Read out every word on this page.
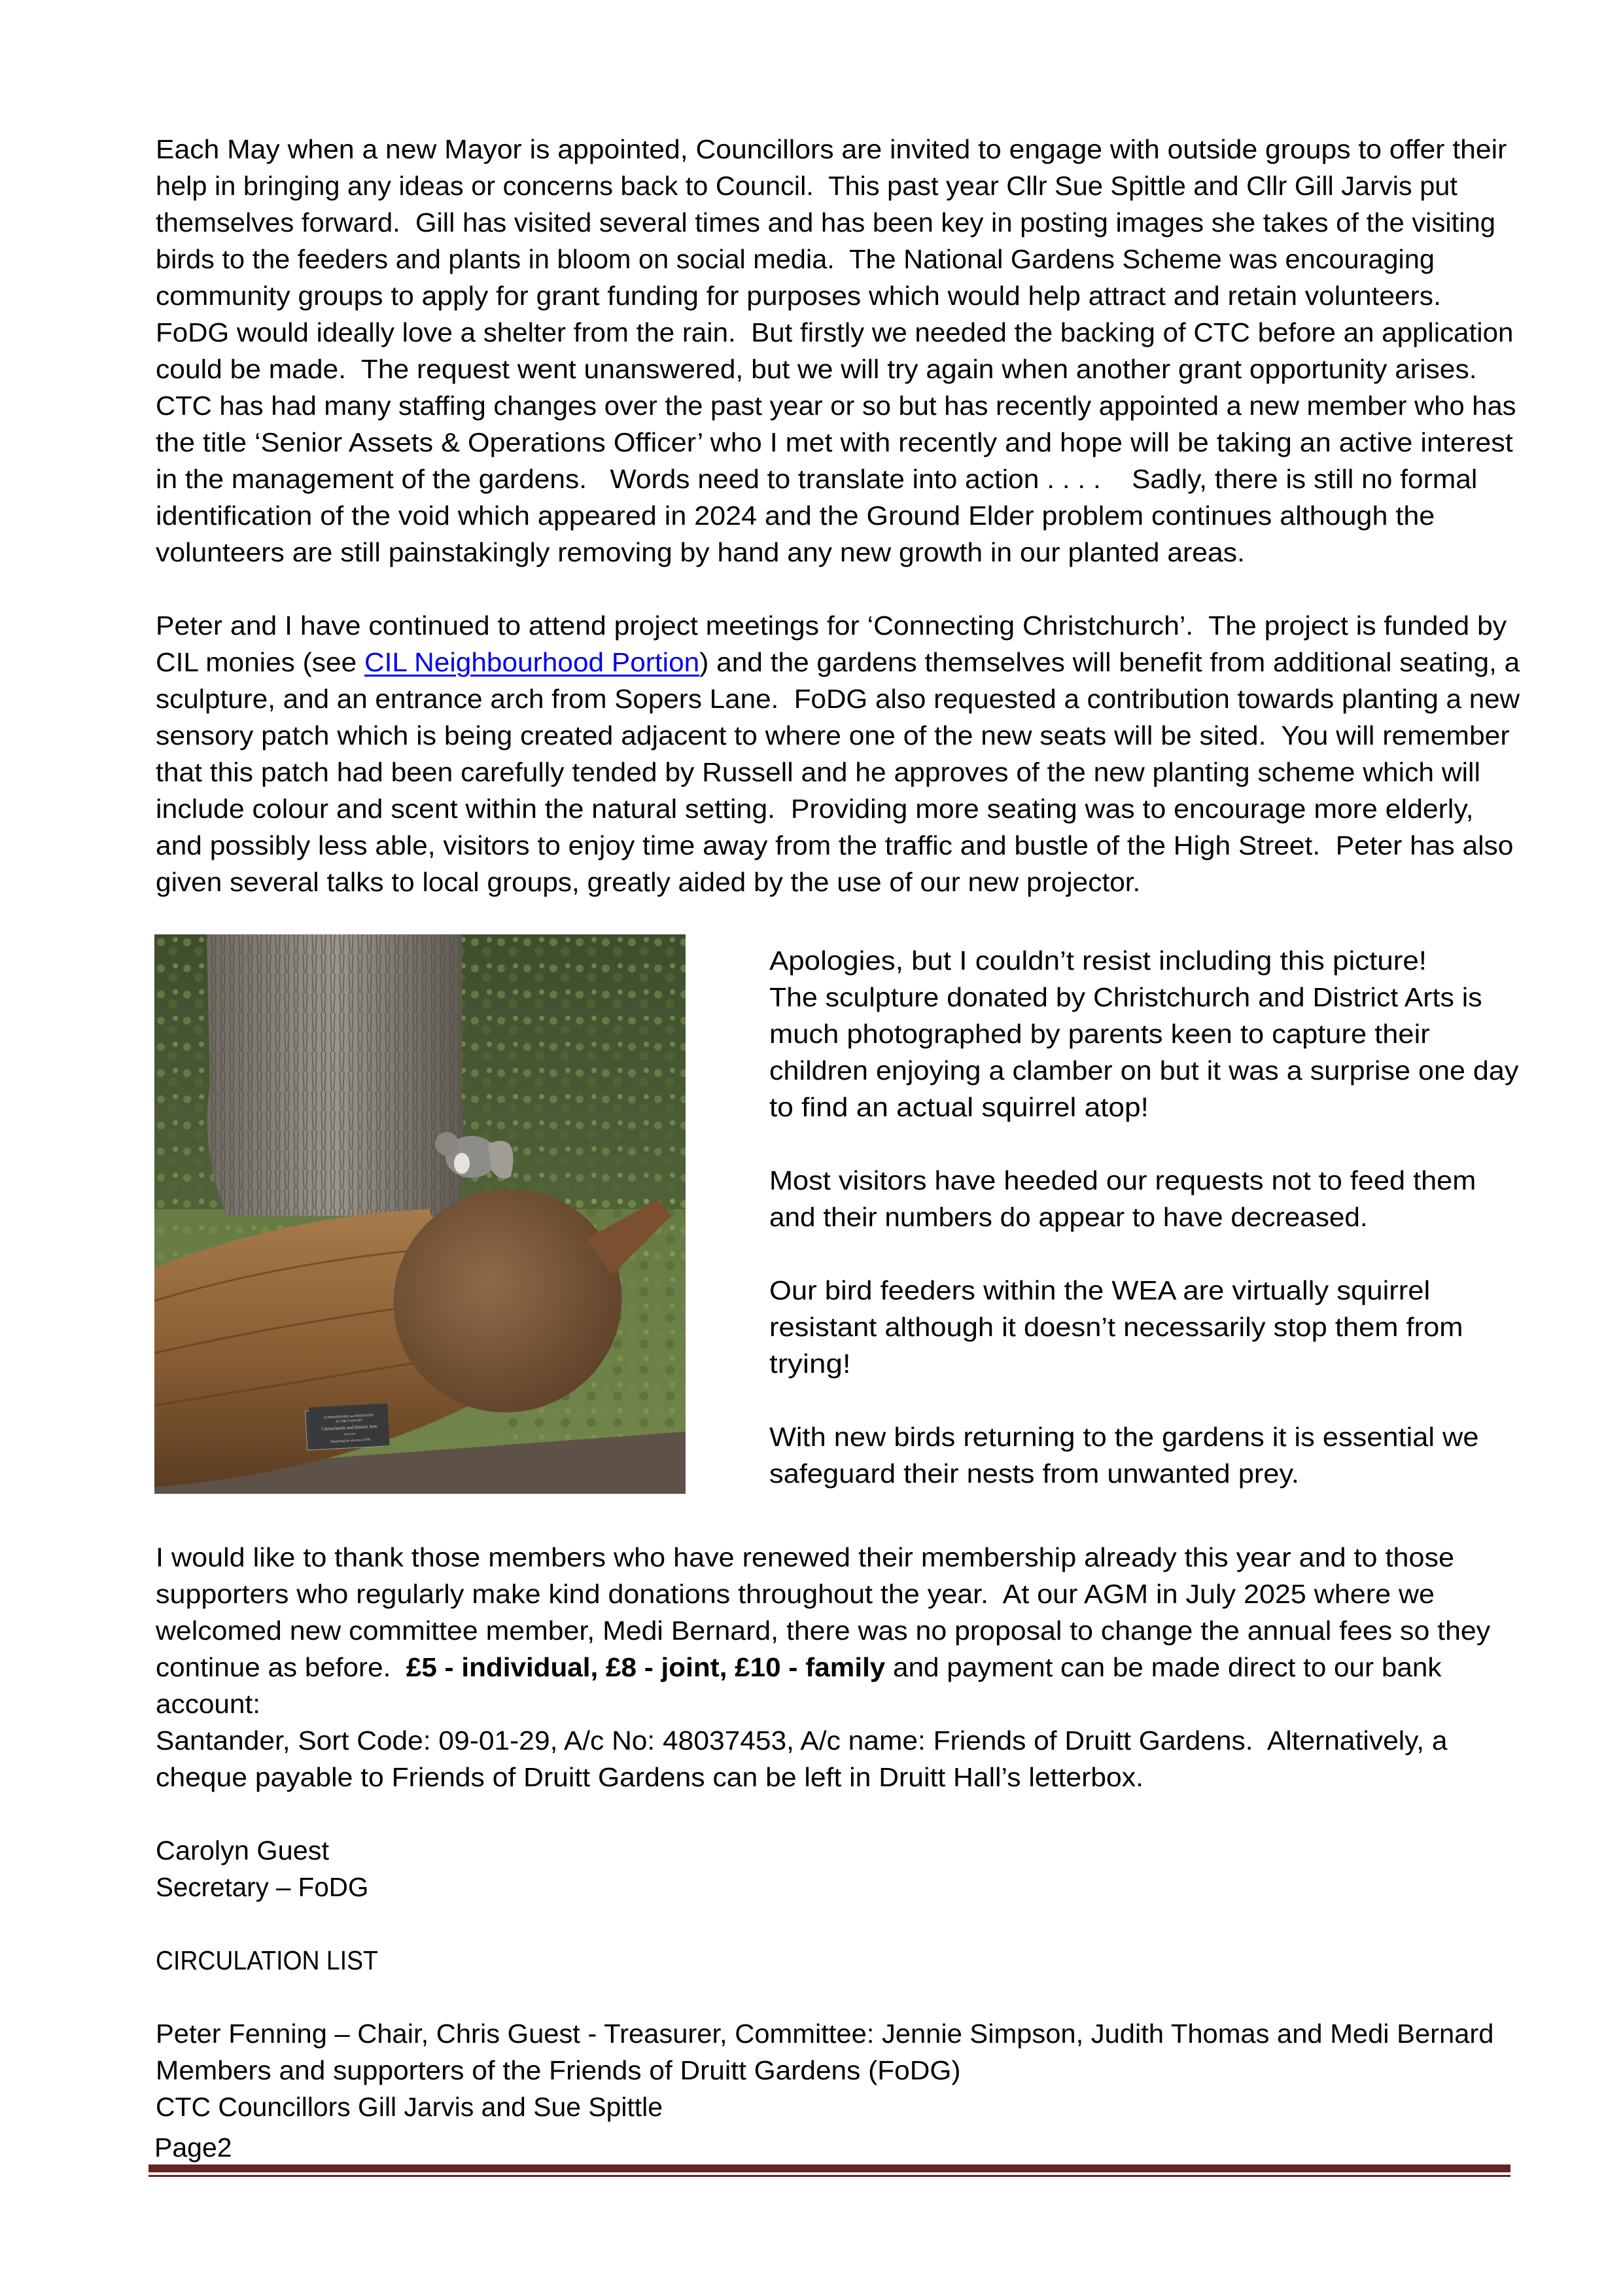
Each May when a new Mayor is appointed, Councillors are invited to engage with outside groups to offer their
help in bringing any ideas or concerns back to Council.  This past year Cllr Sue Spittle and Cllr Gill Jarvis put
themselves forward.  Gill has visited several times and has been key in posting images she takes of the visiting
birds to the feeders and plants in bloom on social media.  The National Gardens Scheme was encouraging
community groups to apply for grant funding for purposes which would help attract and retain volunteers.
FoDG would ideally love a shelter from the rain.  But firstly we needed the backing of CTC before an application
could be made.  The request went unanswered, but we will try again when another grant opportunity arises.
CTC has had many staffing changes over the past year or so but has recently appointed a new member who has
the title ‘Senior Assets & Operations Officer’ who I met with recently and hope will be taking an active interest
in the management of the gardens.   Words need to translate into action . . . .    Sadly, there is still no formal
identification of the void which appeared in 2024 and the Ground Elder problem continues although the
volunteers are still painstakingly removing by hand any new growth in our planted areas.
Peter and I have continued to attend project meetings for ‘Connecting Christchurch’.  The project is funded by
CIL monies (see CIL Neighbourhood Portion) and the gardens themselves will benefit from additional seating, a
sculpture, and an entrance arch from Sopers Lane.  FoDG also requested a contribution towards planting a new
sensory patch which is being created adjacent to where one of the new seats will be sited.  You will remember
that this patch had been carefully tended by Russell and he approves of the new planting scheme which will
include colour and scent within the natural setting.  Providing more seating was to encourage more elderly,
and possibly less able, visitors to enjoy time away from the traffic and bustle of the High Street.  Peter has also
given several talks to local groups, greatly aided by the use of our new projector.
COMMISSIONED and PRESENTED
TO THE TOWN BY
Christchurch and District Arts
JUNE 2021
Supporting the arts since 1978
Apologies, but I couldn’t resist including this picture!
The sculpture donated by Christchurch and District Arts is
much photographed by parents keen to capture their
children enjoying a clamber on but it was a surprise one day
to find an actual squirrel atop!
Most visitors have heeded our requests not to feed them
and their numbers do appear to have decreased.
Our bird feeders within the WEA are virtually squirrel
resistant although it doesn’t necessarily stop them from
trying!
With new birds returning to the gardens it is essential we
safeguard their nests from unwanted prey.
I would like to thank those members who have renewed their membership already this year and to those
supporters who regularly make kind donations throughout the year.  At our AGM in July 2025 where we
welcomed new committee member, Medi Bernard, there was no proposal to change the annual fees so they
continue as before.  £5 - individual, £8 - joint, £10 - family and payment can be made direct to our bank
account:
Santander, Sort Code: 09-01-29, A/c No: 48037453, A/c name: Friends of Druitt Gardens.  Alternatively, a
cheque payable to Friends of Druitt Gardens can be left in Druitt Hall’s letterbox.
Carolyn Guest
Secretary – FoDG
CIRCULATION LIST
Peter Fenning – Chair, Chris Guest - Treasurer, Committee: Jennie Simpson, Judith Thomas and Medi Bernard
Members and supporters of the Friends of Druitt Gardens (FoDG)
CTC Councillors Gill Jarvis and Sue Spittle
Page2
